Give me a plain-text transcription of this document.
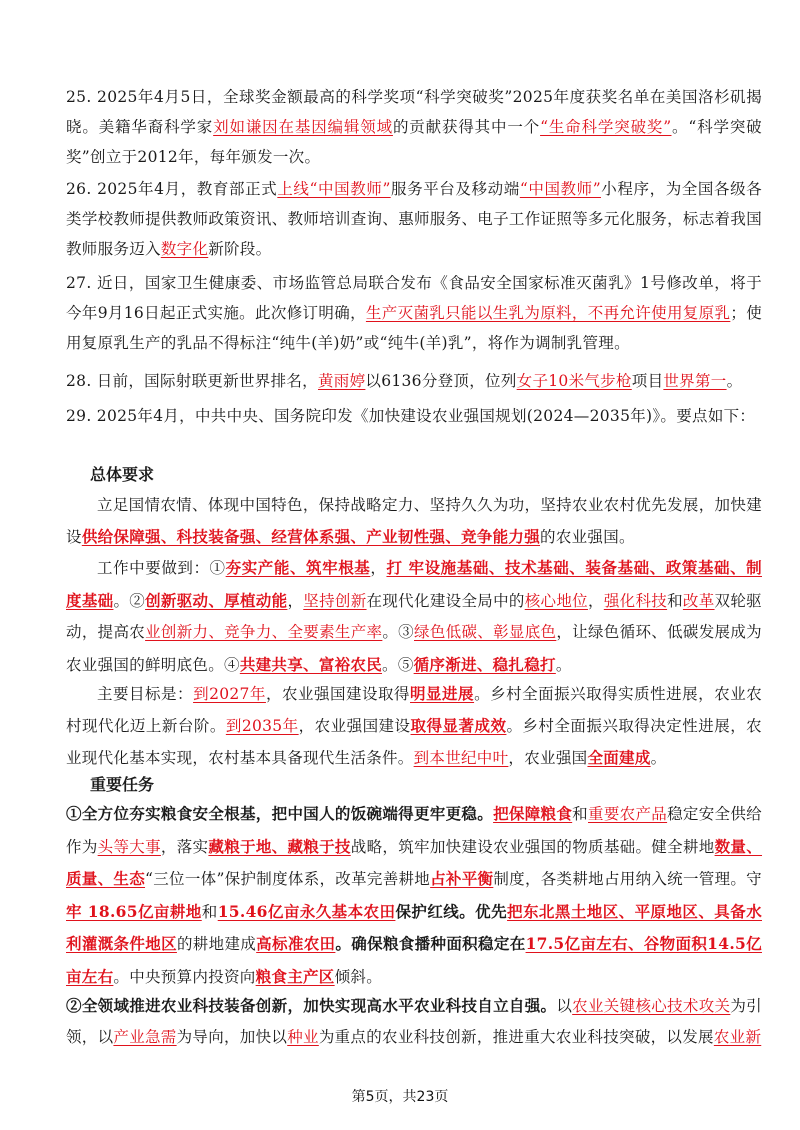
25. 2025年4月5日，全球奖金额最高的科学奖项“科学突破奖”2025年度获奖名单在美国洛杉矶揭晓。美籍华裔科学家刘如谦因在基因编辑领域的贡献获得其中一个“生命科学突破奖”。“科学突破奖”创立于2012年，每年颁发一次。

26. 2025年4月，教育部正式上线“中国教师”服务平台及移动端“中国教师”小程序，为全国各级各类学校教师提供教师政策资讯、教师培训查询、惠师服务、电子工作证照等多元化服务，标志着我国教师服务迈入数字化新阶段。

27. 近日，国家卫生健康委、市场监管总局联合发布《食品安全国家标准灭菌乳》1号修改单，将于今年9月16日起正式实施。此次修订明确，生产灭菌乳只能以生乳为原料，不再允许使用复原乳；使用复原乳生产的乳品不得标注“纯牛(羊)奶”或“纯牛(羊)乳”，将作为调制乳管理。

28. 日前，国际射联更新世界排名，黄雨婷以6136分登顶，位列女子10米气步枪项目世界第一。

29. 2025年4月，中共中央、国务院印发《加快建设农业强国规划(2024—2035年)》。要点如下：

总体要求

立足国情农情、体现中国特色，保持战略定力、坚持久久为功，坚持农业农村优先发展，加快建设供给保障强、科技装备强、经营体系强、产业韧性强、竞争能力强的农业强国。

工作中要做到：①夯实产能、筑牢根基，打 牢设施基础、技术基础、装备基础、政策基础、制度基础。②创新驱动、厚植动能，坚持创新在现代化建设全局中的核心地位，强化科技和改革双轮驱动，提高农业创新力、竞争力、全要素生产率。③绿色低碳、彰显底色，让绿色循环、低碳发展成为农业强国的鲜明底色。④共建共享、富裕农民。⑤循序渐进、稳扎稳打。

主要目标是：到2027年，农业强国建设取得明显进展。乡村全面振兴取得实质性进展，农业农村现代化迈上新台阶。到2035年，农业强国建设取得显著成效。乡村全面振兴取得决定性进展，农业现代化基本实现，农村基本具备现代生活条件。到本世纪中叶，农业强国全面建成。

重要任务

①全方位夯实粮食安全根基，把中国人的饭碗端得更牢更稳。把保障粮食和重要农产品稳定安全供给作为头等大事，落实藏粮于地、藏粮于技战略，筑牢加快建设农业强国的物质基础。健全耕地数量、质量、生态“三位一体”保护制度体系，改革完善耕地占补平衡制度，各类耕地占用纳入统一管理。守牢 18.65亿亩耕地和15.46亿亩永久基本农田保护红线。优先把东北黑土地区、平原地区、具备水利灌溉条件地区的耕地建成高标准农田。确保粮食播种面积稳定在17.5亿亩左右、谷物面积14.5亿亩左右。中央预算内投资向粮食主产区倾斜。

②全领域推进农业科技装备创新，加快实现高水平农业科技自立自强。以农业关键核心技术攻关为引领，以产业急需为导向，加快以种业为重点的农业科技创新，推进重大农业科技突破，以发展农业新

第5页，共23页
